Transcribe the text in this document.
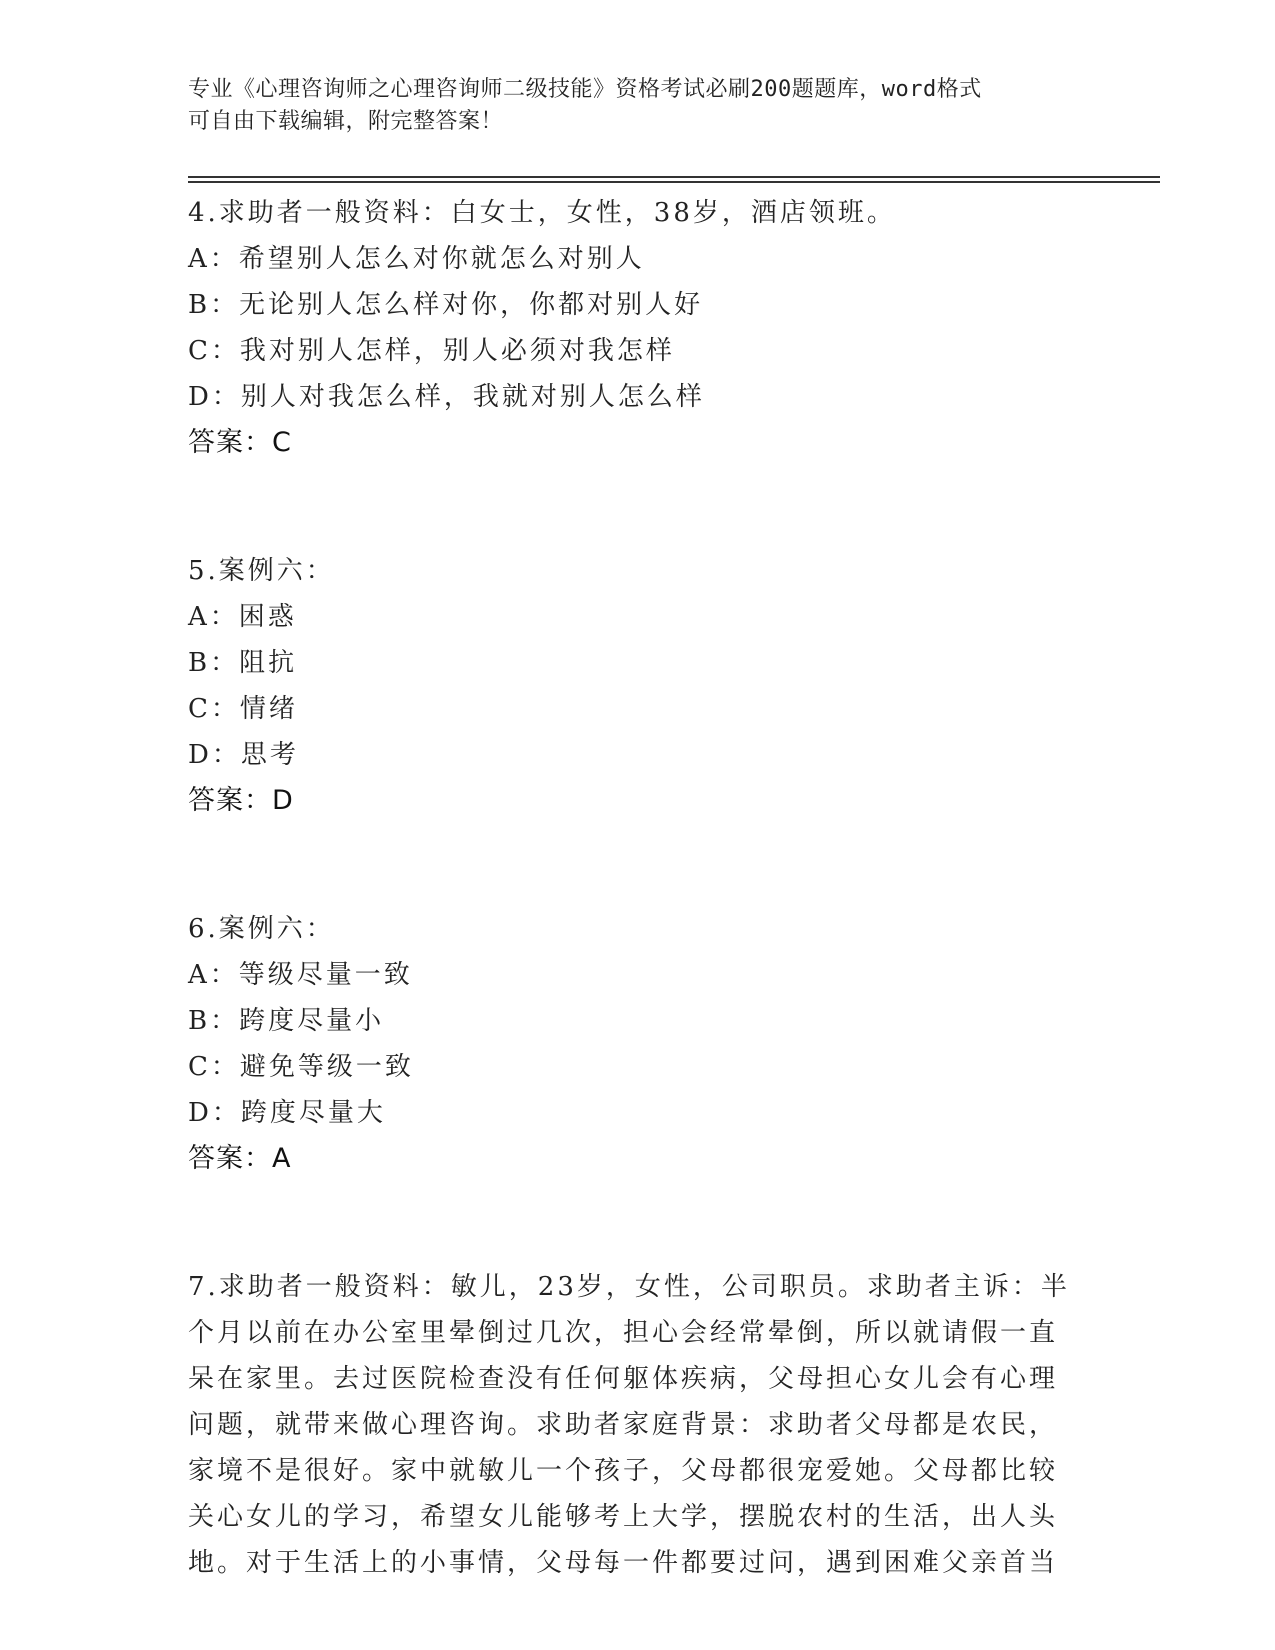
专业《心理咨询师之心理咨询师二级技能》资格考试必刷200题题库，word格式
可自由下载编辑，附完整答案！
4.求助者一般资料：白女士，女性，38岁，酒店领班。
A：希望别人怎么对你就怎么对别人
B：无论别人怎么样对你，你都对别人好
C：我对别人怎样，别人必须对我怎样
D：别人对我怎么样，我就对别人怎么样
答案：C
5.案例六：
A：困惑
B：阻抗
C：情绪
D：思考
答案：D
6.案例六：
A：等级尽量一致
B：跨度尽量小
C：避免等级一致
D：跨度尽量大
答案：A
7.求助者一般资料：敏儿，23岁，女性，公司职员。求助者主诉：半
个月以前在办公室里晕倒过几次，担心会经常晕倒，所以就请假一直
呆在家里。去过医院检查没有任何躯体疾病，父母担心女儿会有心理
问题，就带来做心理咨询。求助者家庭背景：求助者父母都是农民，
家境不是很好。家中就敏儿一个孩子，父母都很宠爱她。父母都比较
关心女儿的学习，希望女儿能够考上大学，摆脱农村的生活，出人头
地。对于生活上的小事情，父母每一件都要过问，遇到困难父亲首当
